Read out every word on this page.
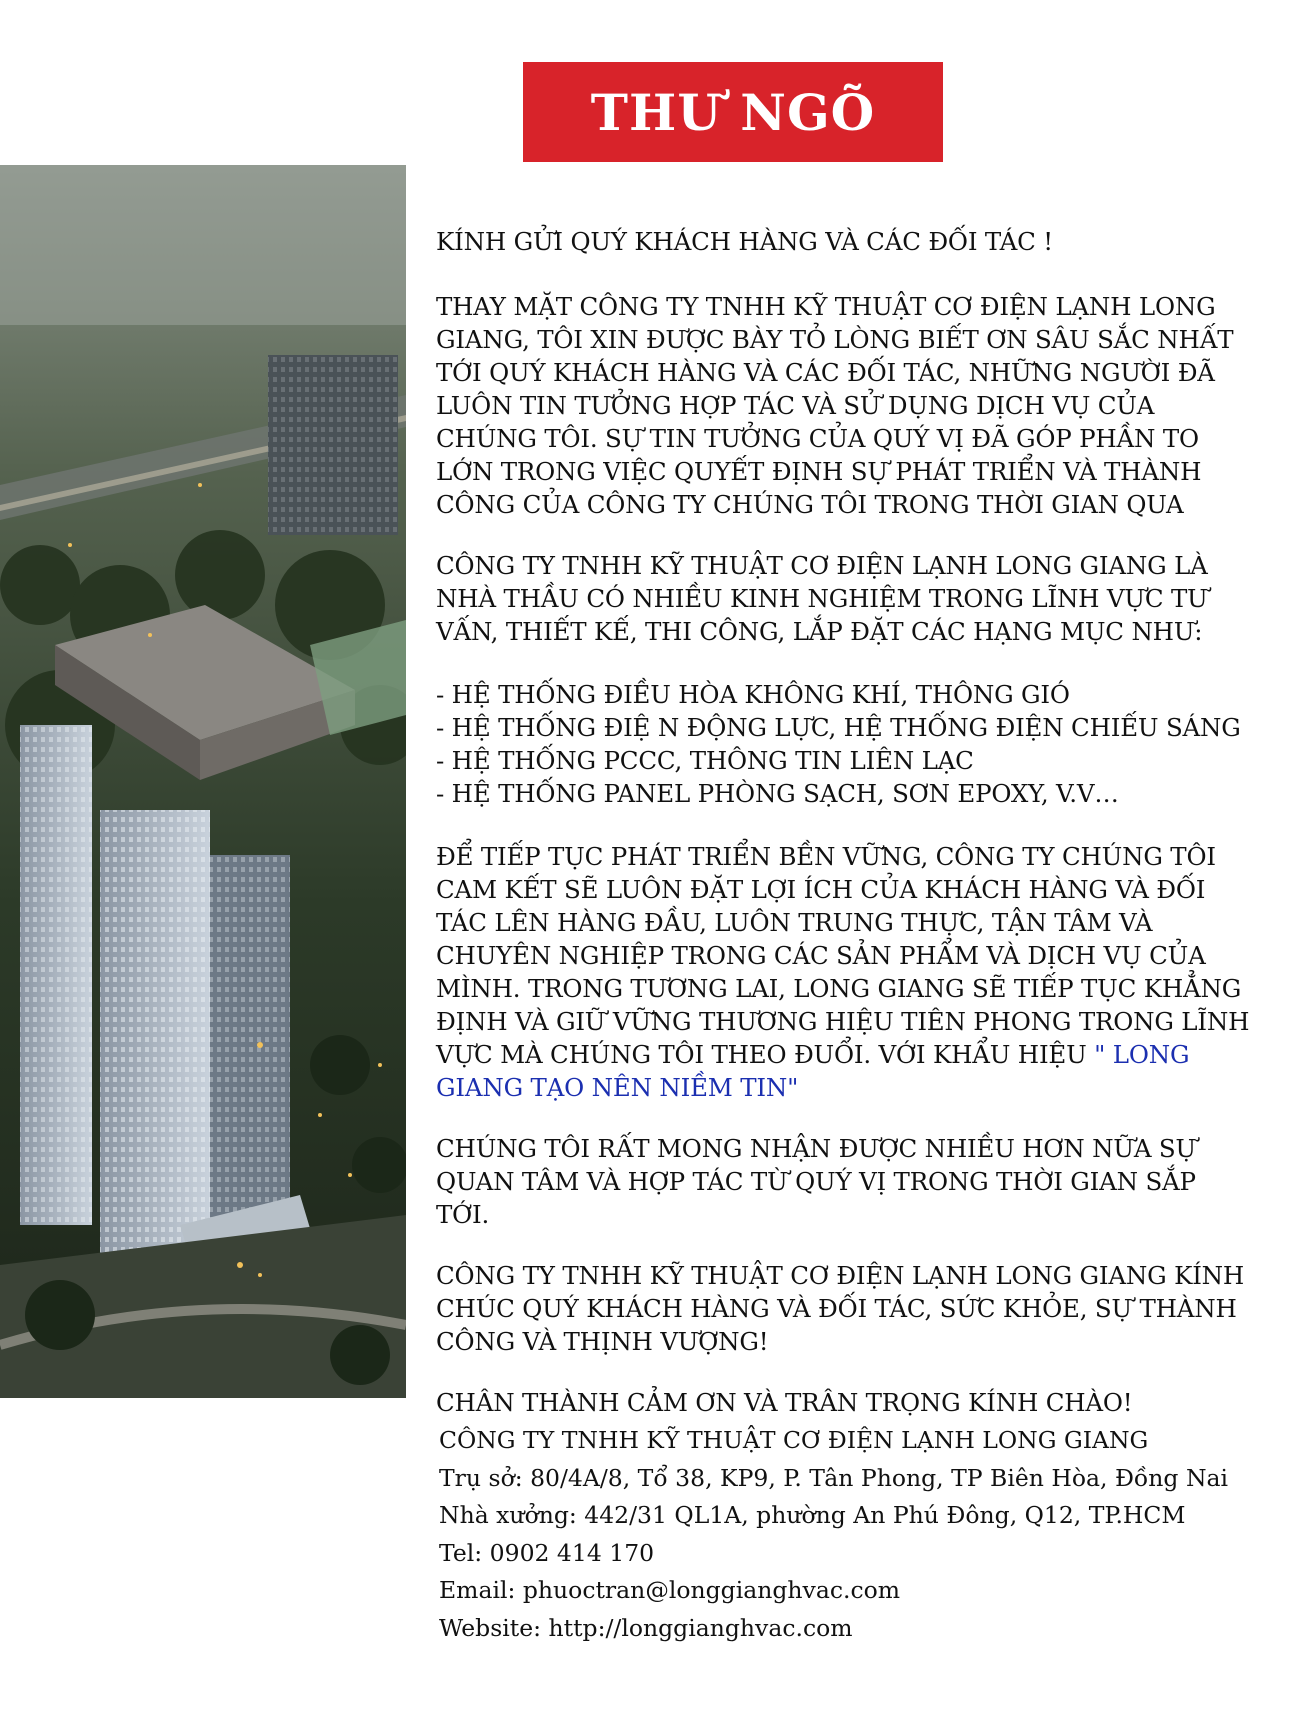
THƯ NGÕ

KÍNH GỬI QUÝ KHÁCH HÀNG VÀ CÁC ĐỐI TÁC !

THAY MẶT CÔNG TY TNHH KỸ THUẬT CƠ ĐIỆN LẠNH LONG GIANG, TÔI XIN ĐƯỢC BÀY TỎ LÒNG BIẾT ƠN SÂU SẮC NHẤT TỚI QUÝ KHÁCH HÀNG VÀ CÁC ĐỐI TÁC, NHỮNG NGƯỜI ĐÃ LUÔN TIN TƯỞNG HỢP TÁC VÀ SỬ DỤNG DỊCH VỤ CỦA CHÚNG TÔI. SỰ TIN TƯỞNG CỦA QUÝ VỊ ĐÃ GÓP PHẦN TO LỚN TRONG VIỆC QUYẾT ĐỊNH SỰ PHÁT TRIỂN VÀ THÀNH CÔNG CỦA CÔNG TY CHÚNG TÔI TRONG THỜI GIAN QUA

CÔNG TY TNHH KỸ THUẬT CƠ ĐIỆN LẠNH LONG GIANG LÀ NHÀ THẦU CÓ NHIỀU KINH NGHIỆM TRONG LĨNH VỰC TƯ VẤN, THIẾT KẾ, THI CÔNG, LẮP ĐẶT CÁC HẠNG MỤC NHƯ:

- HỆ THỐNG ĐIỀU HÒA KHÔNG KHÍ, THÔNG GIÓ
- HỆ THỐNG ĐIỆ N ĐỘNG LỰC, HỆ THỐNG ĐIỆN CHIẾU SÁNG
- HỆ THỐNG PCCC, THÔNG TIN LIÊN LẠC
- HỆ THỐNG PANEL PHÒNG SẠCH, SƠN EPOXY, V.V…

ĐỂ TIẾP TỤC PHÁT TRIỂN BỀN VỮNG, CÔNG TY CHÚNG TÔI CAM KẾT SẼ LUÔN ĐẶT LỢI ÍCH CỦA KHÁCH HÀNG VÀ ĐỐI TÁC LÊN HÀNG ĐẦU, LUÔN TRUNG THỰC, TẬN TÂM VÀ CHUYÊN NGHIỆP TRONG CÁC SẢN PHẨM VÀ DỊCH VỤ CỦA MÌNH. TRONG TƯƠNG LAI, LONG GIANG SẼ TIẾP TỤC KHẲNG ĐỊNH VÀ GIỮ VỮNG THƯƠNG HIỆU TIÊN PHONG TRONG LĨNH VỰC MÀ CHÚNG TÔI THEO ĐUỔI. VỚI KHẨU HIỆU " LONG GIANG TẠO NÊN NIỀM TIN"

CHÚNG TÔI RẤT MONG NHẬN ĐƯỢC NHIỀU HƠN NỮA SỰ QUAN TÂM VÀ HỢP TÁC TỪ QUÝ VỊ TRONG THỜI GIAN SẮP TỚI.

CÔNG TY TNHH KỸ THUẬT CƠ ĐIỆN LẠNH LONG GIANG KÍNH CHÚC QUÝ KHÁCH HÀNG VÀ ĐỐI TÁC, SỨC KHỎE, SỰ THÀNH CÔNG VÀ THỊNH VƯỢNG!

CHÂN THÀNH CẢM ƠN VÀ TRÂN TRỌNG KÍNH CHÀO!

CÔNG TY TNHH KỸ THUẬT CƠ ĐIỆN LẠNH LONG GIANG
Trụ sở: 80/4A/8, Tổ 38, KP9, P. Tân Phong, TP Biên Hòa, Đồng Nai
Nhà xưởng: 442/31 QL1A, phường An Phú Đông, Q12, TP.HCM
Tel: 0902 414 170
Email: phuoctran@longgianghvac.com
Website: http://longgianghvac.com
